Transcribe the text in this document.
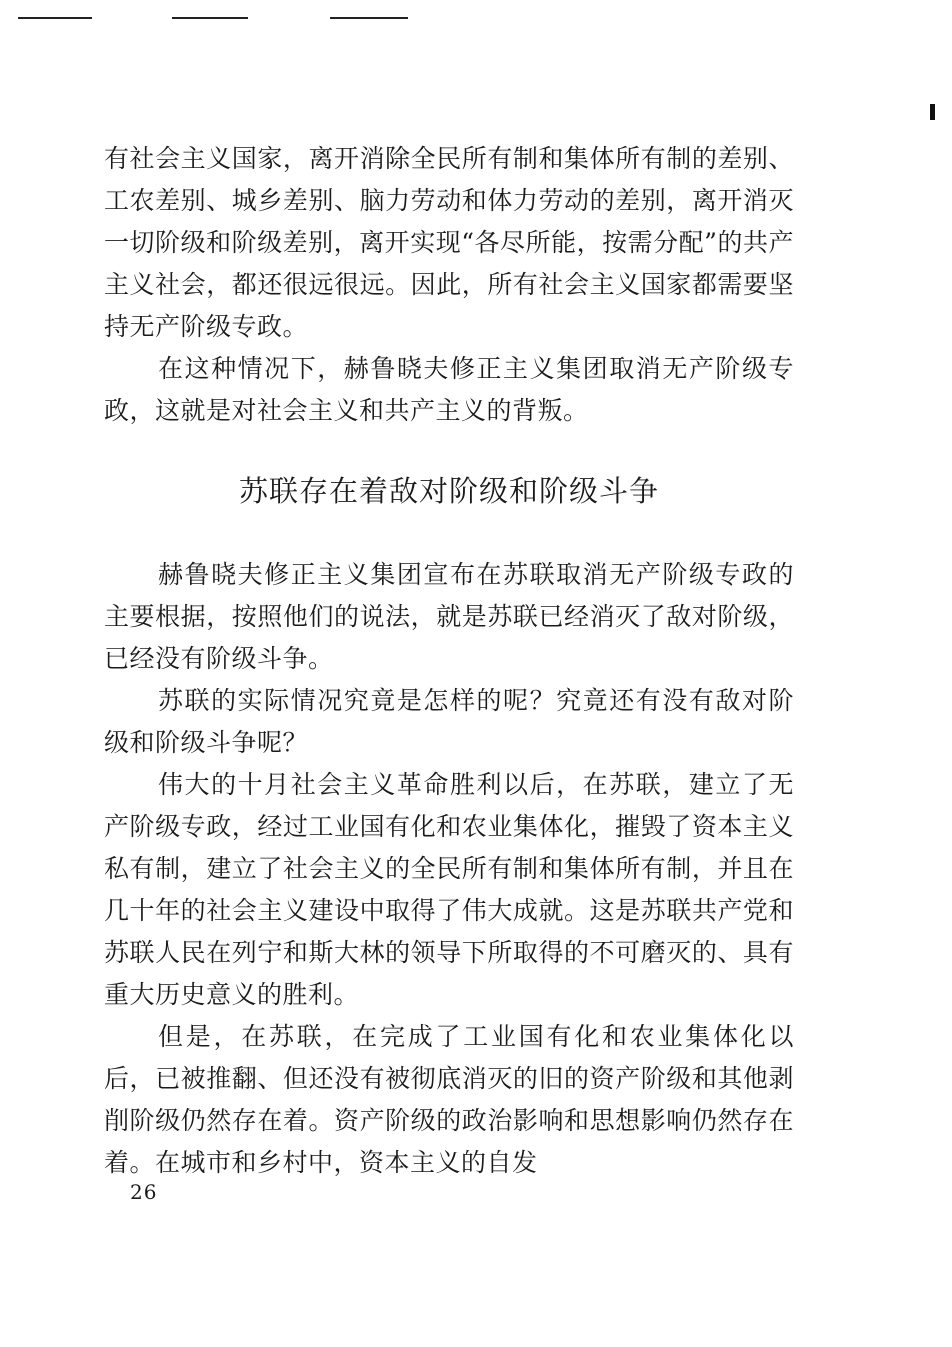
有社会主义国家，离开消除全民所有制和集体所有制的差别、工农差别、城乡差别、脑力劳动和体力劳动的差别，离开消灭一切阶级和阶级差别，离开实现“各尽所能，按需分配”的共产主义社会，都还很远很远。因此，所有社会主义国家都需要坚持无产阶级专政。

在这种情况下，赫鲁晓夫修正主义集团取消无产阶级专政，这就是对社会主义和共产主义的背叛。

苏联存在着敌对阶级和阶级斗争

赫鲁晓夫修正主义集团宣布在苏联取消无产阶级专政的主要根据，按照他们的说法，就是苏联已经消灭了敌对阶级，已经没有阶级斗争。

苏联的实际情况究竟是怎样的呢？究竟还有没有敌对阶级和阶级斗争呢？

伟大的十月社会主义革命胜利以后，在苏联，建立了无产阶级专政，经过工业国有化和农业集体化，摧毁了资本主义私有制，建立了社会主义的全民所有制和集体所有制，并且在几十年的社会主义建设中取得了伟大成就。这是苏联共产党和苏联人民在列宁和斯大林的领导下所取得的不可磨灭的、具有重大历史意义的胜利。

但是，在苏联，在完成了工业国有化和农业集体化以后，已被推翻、但还没有被彻底消灭的旧的资产阶级和其他剥削阶级仍然存在着。资产阶级的政治影响和思想影响仍然存在着。在城市和乡村中，资本主义的自发

26
